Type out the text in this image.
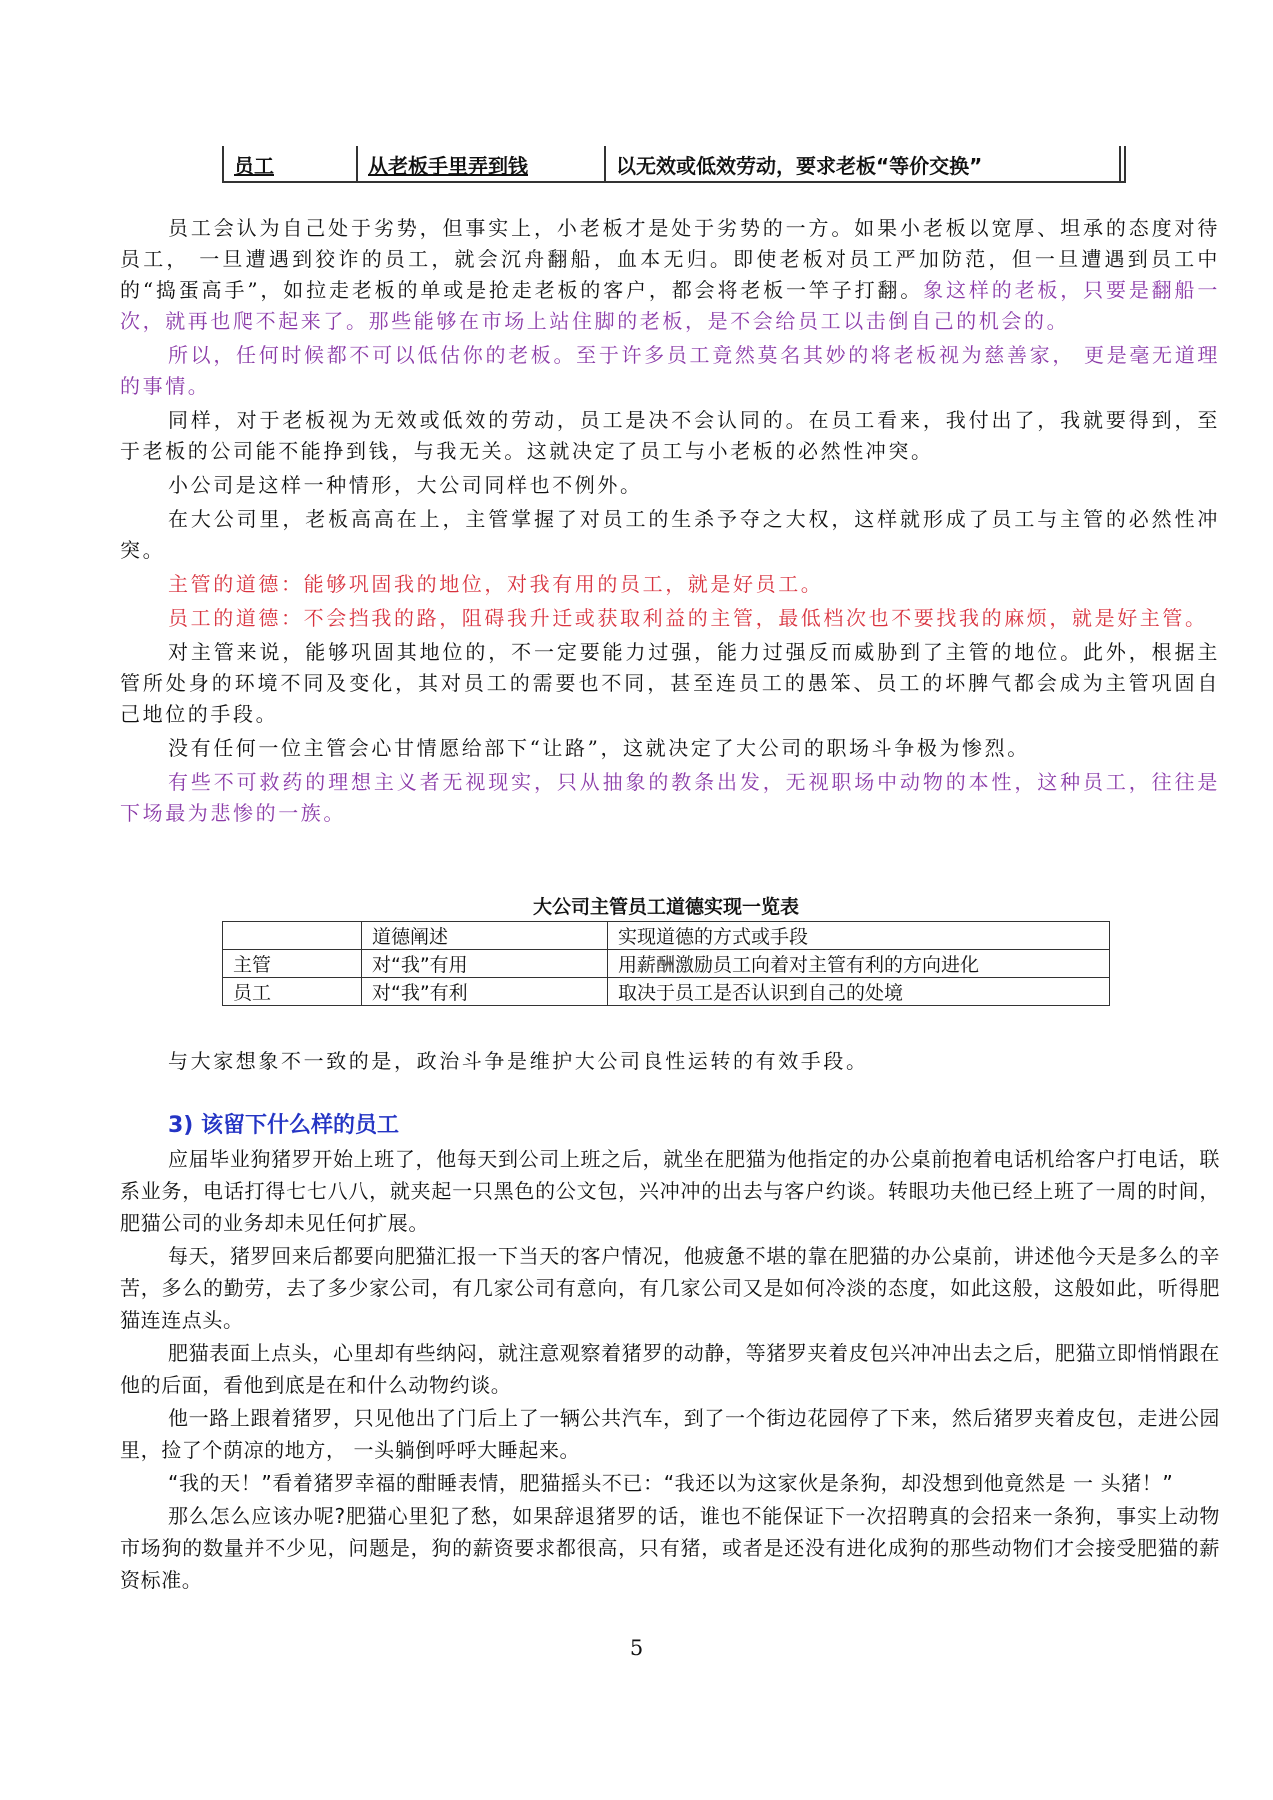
员工	从老板手里弄到钱	以无效或低效劳动，要求老板“等价交换”	

员工会认为自己处于劣势，但事实上，小老板才是处于劣势的一方。如果小老板以宽厚、坦承的态度对待员工， 一旦遭遇到狡诈的员工，就会沉舟翻船，血本无归。即使老板对员工严加防范，但一旦遭遇到员工中的“捣蛋高手”，如拉走老板的单或是抢走老板的客户，都会将老板一竿子打翻。象这样的老板，只要是翻船一次，就再也爬不起来了。那些能够在市场上站住脚的老板，是不会给员工以击倒自己的机会的。

所以，任何时候都不可以低估你的老板。至于许多员工竟然莫名其妙的将老板视为慈善家， 更是毫无道理的事情。

同样，对于老板视为无效或低效的劳动，员工是决不会认同的。在员工看来，我付出了，我就要得到，至于老板的公司能不能挣到钱，与我无关。这就决定了员工与小老板的必然性冲突。

小公司是这样一种情形，大公司同样也不例外。

在大公司里，老板高高在上，主管掌握了对员工的生杀予夺之大权，这样就形成了员工与主管的必然性冲突。

主管的道德：能够巩固我的地位，对我有用的员工，就是好员工。

员工的道德：不会挡我的路，阻碍我升迁或获取利益的主管，最低档次也不要找我的麻烦，就是好主管。

对主管来说，能够巩固其地位的，不一定要能力过强，能力过强反而威胁到了主管的地位。此外，根据主管所处身的环境不同及变化，其对员工的需要也不同，甚至连员工的愚笨、员工的坏脾气都会成为主管巩固自己地位的手段。

没有任何一位主管会心甘情愿给部下“让路”，这就决定了大公司的职场斗争极为惨烈。

有些不可救药的理想主义者无视现实，只从抽象的教条出发，无视职场中动物的本性，这种员工，往往是下场最为悲惨的一族。

大公司主管员工道德实现一览表
	道德阐述	实现道德的方式或手段
主管	对“我”有用	用薪酬激励员工向着对主管有利的方向进化
员工	对“我”有利	取决于员工是否认识到自己的处境
与大家想象不一致的是，政治斗争是维护大公司良性运转的有效手段。
3) 该留下什么样的员工

应届毕业狗猪罗开始上班了，他每天到公司上班之后，就坐在肥猫为他指定的办公桌前抱着电话机给客户打电话，联系业务，电话打得七七八八，就夹起一只黑色的公文包，兴冲冲的出去与客户约谈。转眼功夫他已经上班了一周的时间，肥猫公司的业务却未见任何扩展。

每天，猪罗回来后都要向肥猫汇报一下当天的客户情况，他疲惫不堪的靠在肥猫的办公桌前，讲述他今天是多么的辛苦，多么的勤劳，去了多少家公司，有几家公司有意向，有几家公司又是如何冷淡的态度，如此这般，这般如此，听得肥猫连连点头。

肥猫表面上点头，心里却有些纳闷，就注意观察着猪罗的动静，等猪罗夹着皮包兴冲冲出去之后，肥猫立即悄悄跟在他的后面，看他到底是在和什么动物约谈。

他一路上跟着猪罗，只见他出了门后上了一辆公共汽车，到了一个街边花园停了下来，然后猪罗夹着皮包，走进公园里，捡了个荫凉的地方， 一头躺倒呼呼大睡起来。

“我的天！”看着猪罗幸福的酣睡表情，肥猫摇头不已：“我还以为这家伙是条狗，却没想到他竟然是 一 头猪！”

那么怎么应该办呢?肥猫心里犯了愁，如果辞退猪罗的话，谁也不能保证下一次招聘真的会招来一条狗，事实上动物市场狗的数量并不少见，问题是，狗的薪资要求都很高，只有猪，或者是还没有进化成狗的那些动物们才会接受肥猫的薪资标准。

5
